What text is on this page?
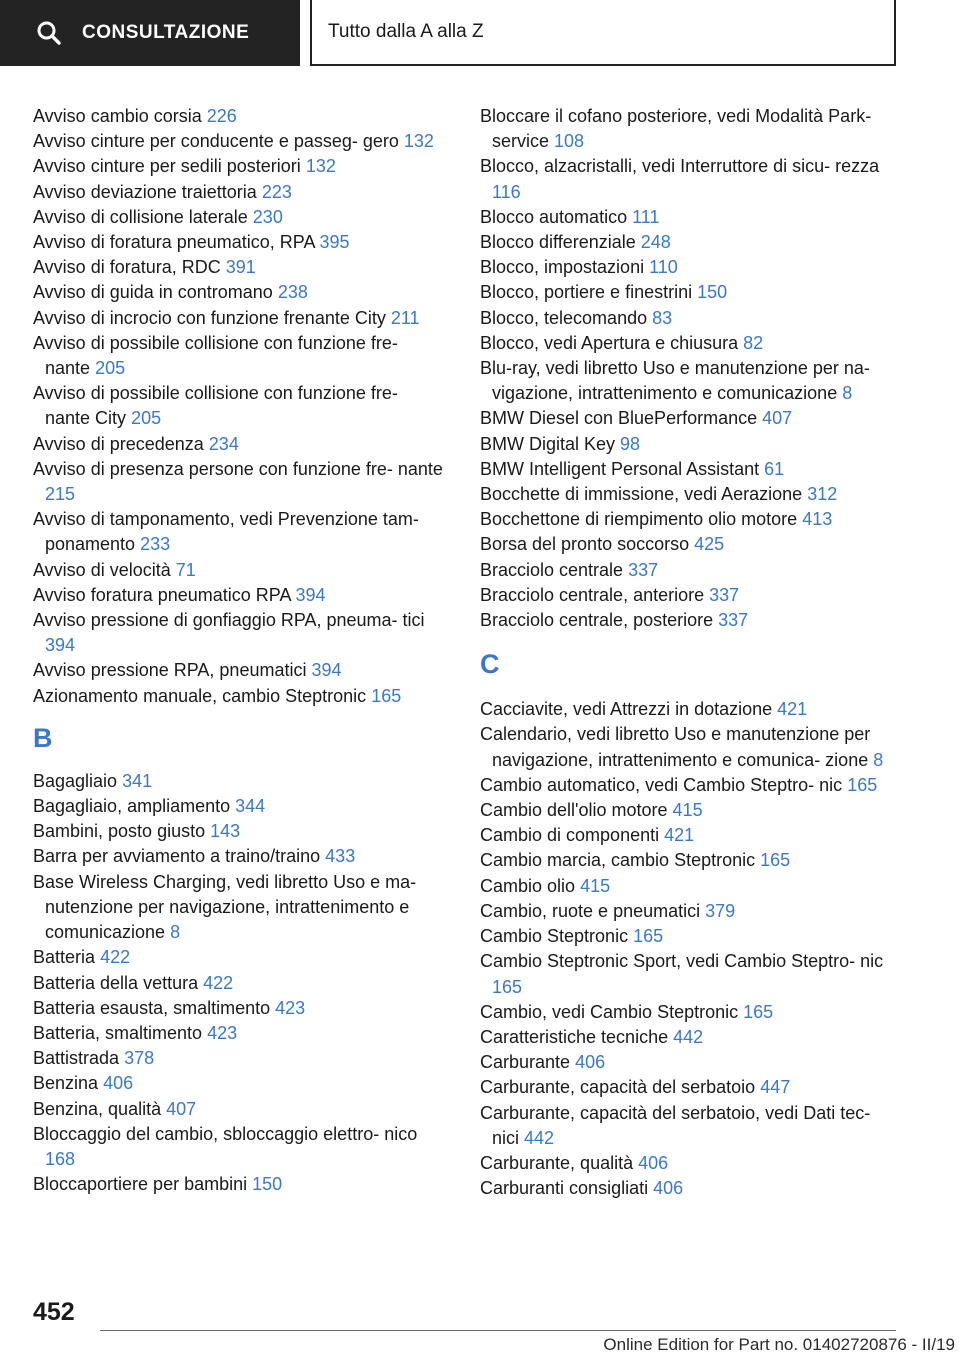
CONSULTAZIONE	Tutto dalla A alla Z
Avviso cambio corsia 226
Avviso cinture per conducente e passeg‐ gero 132
Avviso cinture per sedili posteriori 132
Avviso deviazione traiettoria 223
Avviso di collisione laterale 230
Avviso di foratura pneumatico, RPA 395
Avviso di foratura, RDC 391
Avviso di guida in contromano 238
Avviso di incrocio con funzione frenante City 211
Avviso di possibile collisione con funzione fre‐ nante 205
Avviso di possibile collisione con funzione fre‐ nante City 205
Avviso di precedenza 234
Avviso di presenza persone con funzione fre‐ nante 215
Avviso di tamponamento, vedi Prevenzione tam‐ ponamento 233
Avviso di velocità 71
Avviso foratura pneumatico RPA 394
Avviso pressione di gonfiaggio RPA, pneuma‐ tici 394
Avviso pressione RPA, pneumatici 394
Azionamento manuale, cambio Steptronic 165
B
Bagagliaio 341
Bagagliaio, ampliamento 344
Bambini, posto giusto 143
Barra per avviamento a traino/traino 433
Base Wireless Charging, vedi libretto Uso e ma‐ nutenzione per navigazione, intrattenimento e comunicazione 8
Batteria 422
Batteria della vettura 422
Batteria esausta, smaltimento 423
Batteria, smaltimento 423
Battistrada 378
Benzina 406
Benzina, qualità 407
Bloccaggio del cambio, sbloccaggio elettro‐ nico 168
Bloccaportiere per bambini 150
Bloccare il cofano posteriore, vedi Modalità Park‐ service 108
Blocco, alzacristalli, vedi Interruttore di sicu‐ rezza 116
Blocco automatico 111
Blocco differenziale 248
Blocco, impostazioni 110
Blocco, portiere e finestrini 150
Blocco, telecomando 83
Blocco, vedi Apertura e chiusura 82
Blu-ray, vedi libretto Uso e manutenzione per na‐ vigazione, intrattenimento e comunicazione 8
BMW Diesel con BluePerformance 407
BMW Digital Key 98
BMW Intelligent Personal Assistant 61
Bocchette di immissione, vedi Aerazione 312
Bocchettone di riempimento olio motore 413
Borsa del pronto soccorso 425
Bracciolo centrale 337
Bracciolo centrale, anteriore 337
Bracciolo centrale, posteriore 337
C
Cacciavite, vedi Attrezzi in dotazione 421
Calendario, vedi libretto Uso e manutenzione per navigazione, intrattenimento e comunica‐ zione 8
Cambio automatico, vedi Cambio Steptro‐ nic 165
Cambio dell'olio motore 415
Cambio di componenti 421
Cambio marcia, cambio Steptronic 165
Cambio olio 415
Cambio, ruote e pneumatici 379
Cambio Steptronic 165
Cambio Steptronic Sport, vedi Cambio Steptro‐ nic 165
Cambio, vedi Cambio Steptronic 165
Caratteristiche tecniche 442
Carburante 406
Carburante, capacità del serbatoio 447
Carburante, capacità del serbatoio, vedi Dati tec‐ nici 442
Carburante, qualità 406
Carburanti consigliati 406
452
Online Edition for Part no. 01402720876 - II/19
